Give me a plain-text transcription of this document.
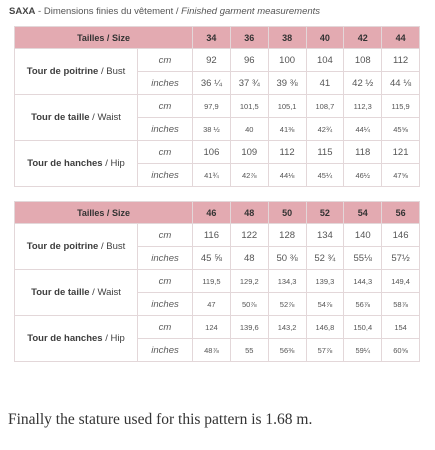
SAXA - Dimensions finies du vêtement / Finished garment measurements
Tailles / Size		34	36	38	40	42	44
Tour de poitrine / Bust	cm	92	96	100	104	108	112
	inches	36 ¼	37 ¾	39 ⅜	41	42 ½	44 ⅛
Tour de taille / Waist	cm	97,9	101,5	105,1	108,7	112,3	115,9
	inches	38 ½	40	41⅜	42¾	44¼	45⅝
Tour de hanches / Hip	cm	106	109	112	115	118	121
	inches	41¾	42⅞	44⅛	45¼	46½	47⅝
Tailles / Size		46	48	50	52	54	56
Tour de poitrine / Bust	cm	116	122	128	134	140	146
	inches	45 ⅝	48	50 ⅜	52 ¾	55⅛	57½
Tour de taille / Waist	cm	119,5	129,2	134,3	139,3	144,3	149,4
	inches	47	50⅞	52⅞	54⅞	56⅞	58⅞
Tour de hanches / Hip	cm	124	139,6	143,2	146,8	150,4	154
	inches	48⅞	55	56⅜	57⅞	59¼	60⅝
Finally the stature used for this pattern is 1.68 m.
